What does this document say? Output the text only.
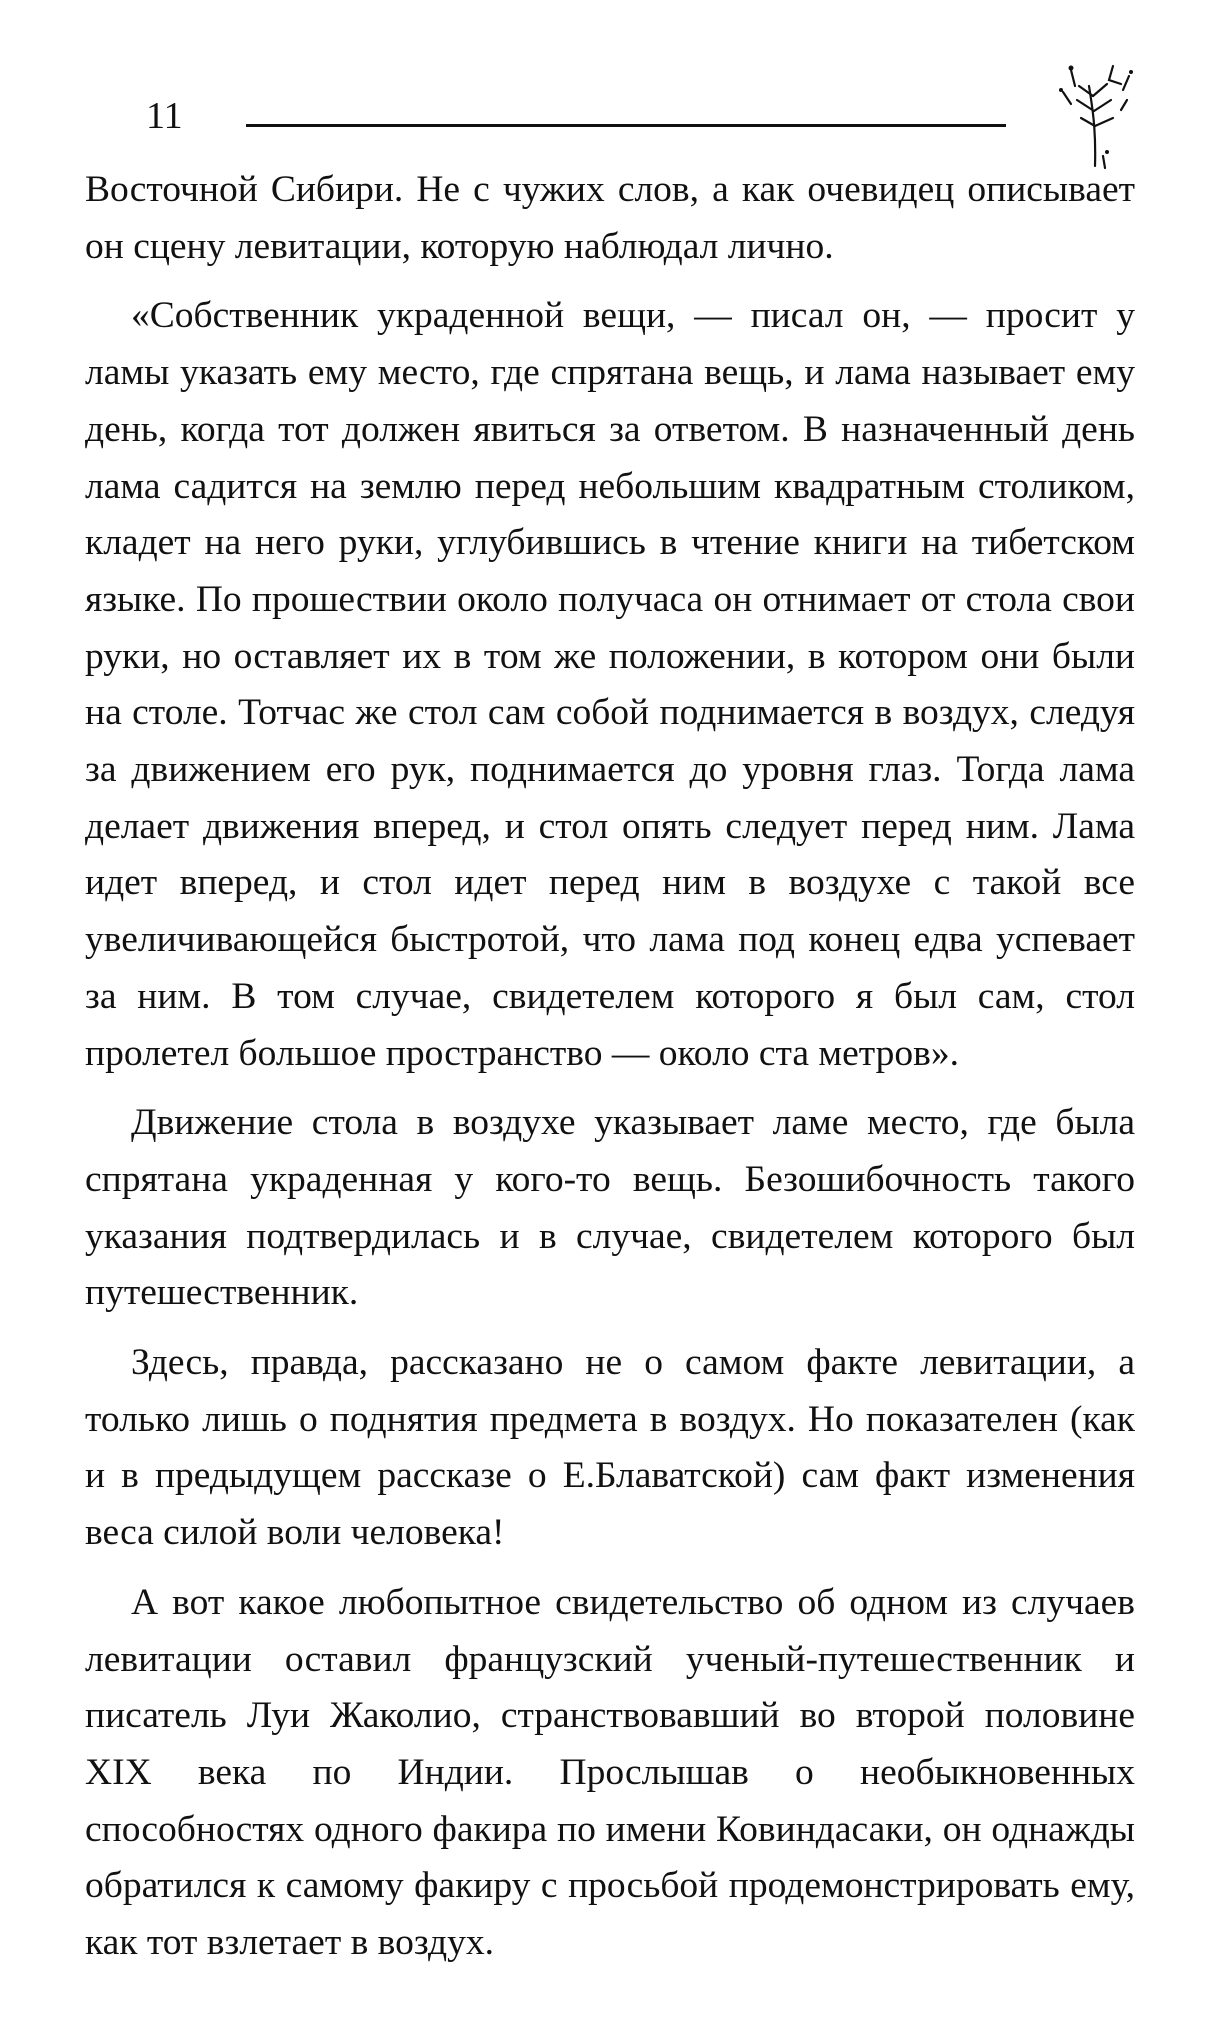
11

Восточной Сибири. Не с чужих слов, а как очевидец описывает он сцену левитации, которую наблюдал лично.

«Собственник украденной вещи, — писал он, — просит у ламы указать ему место, где спрятана вещь, и лама называет ему день, когда тот должен явиться за ответом. В назначенный день лама садится на землю перед небольшим квадратным столиком, кладет на него руки, углубившись в чтение книги на тибетском языке. По прошествии около получаса он отнимает от стола свои руки, но оставляет их в том же положении, в котором они были на столе. Тотчас же стол сам собой поднимается в воздух, следуя за движением его рук, поднимается до уровня глаз. Тогда лама делает движения вперед, и стол опять следует перед ним. Лама идет вперед, и стол идет перед ним в воздухе с такой все увеличивающейся быстротой, что лама под конец едва успевает за ним. В том случае, свидетелем которого я был сам, стол пролетел большое пространство — около ста метров».

Движение стола в воздухе указывает ламе место, где была спрятана украденная у кого-то вещь. Безошибочность такого указания подтвердилась и в случае, свидетелем которого был путешественник.

Здесь, правда, рассказано не о самом факте левитации, а только лишь о поднятия предмета в воздух. Но показателен (как и в предыдущем рассказе о Е.Блаватской) сам факт изменения веса силой воли человека!

А вот какое любопытное свидетельство об одном из случаев левитации оставил французский ученый-путешественник и писатель Луи Жаколио, странствовавший во второй половине XIX века по Индии. Прослышав о необыкновенных способностях одного факира по имени Ковиндасаки, он однажды обратился к самому факиру с просьбой продемонстрировать ему, как тот взлетает в воздух.
